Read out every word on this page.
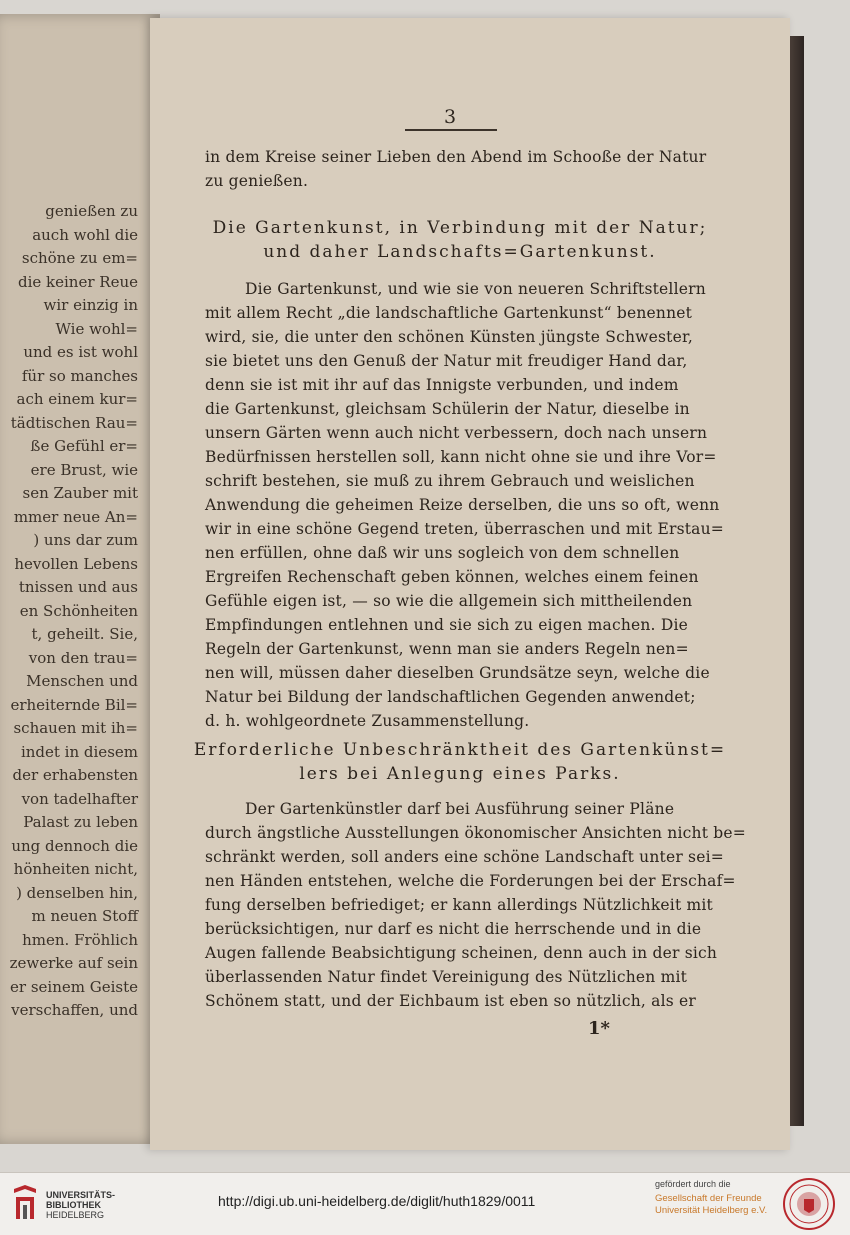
genießen zu
auch wohl die
schöne zu em=
die keiner Reue
wir einzig in
Wie wohl=
und es ist wohl
für so manches
ach einem kur=
tädtischen Rau=
ße Gefühl er=
ere Brust, wie
sen Zauber mit
mmer neue An=
) uns dar zum
hevollen Lebens
tnissen und aus
en Schönheiten
t, geheilt. Sie,
von den trau=
Menschen und
erheiternde Bil=
schauen mit ih=
indet in diesem
der erhabensten
von tadelhafter
Palast zu leben
ung dennoch die
hönheiten nicht,
) denselben hin,
m neuen Stoff
hmen. Fröhlich
zewerke auf sein
er seinem Geiste
verschaffen, und
3
in dem Kreise seiner Lieben den Abend im Schooße der Natur
zu genießen.
Die Gartenkunst, in Verbindung mit der Natur;
und daher Landschafts=Gartenkunst.
Die Gartenkunst, und wie sie von neueren Schriftstellern
mit allem Recht „die landschaftliche Gartenkunst“ benennet
wird, sie, die unter den schönen Künsten jüngste Schwester,
sie bietet uns den Genuß der Natur mit freudiger Hand dar,
denn sie ist mit ihr auf das Innigste verbunden, und indem
die Gartenkunst, gleichsam Schülerin der Natur, dieselbe in
unsern Gärten wenn auch nicht verbessern, doch nach unsern
Bedürfnissen herstellen soll, kann nicht ohne sie und ihre Vor=
schrift bestehen, sie muß zu ihrem Gebrauch und weislichen
Anwendung die geheimen Reize derselben, die uns so oft, wenn
wir in eine schöne Gegend treten, überraschen und mit Erstau=
nen erfüllen, ohne daß wir uns sogleich von dem schnellen
Ergreifen Rechenschaft geben können, welches einem feinen
Gefühle eigen ist, — so wie die allgemein sich mittheilenden
Empfindungen entlehnen und sie sich zu eigen machen. Die
Regeln der Gartenkunst, wenn man sie anders Regeln nen=
nen will, müssen daher dieselben Grundsätze seyn, welche die
Natur bei Bildung der landschaftlichen Gegenden anwendet;
d. h. wohlgeordnete Zusammenstellung.
Erforderliche Unbeschränktheit des Gartenkünst=
lers bei Anlegung eines Parks.
Der Gartenkünstler darf bei Ausführung seiner Pläne
durch ängstliche Ausstellungen ökonomischer Ansichten nicht be=
schränkt werden, soll anders eine schöne Landschaft unter sei=
nen Händen entstehen, welche die Forderungen bei der Erschaf=
fung derselben befriediget; er kann allerdings Nützlichkeit mit
berücksichtigen, nur darf es nicht die herrschende und in die
Augen fallende Beabsichtigung scheinen, denn auch in der sich
überlassenden Natur findet Vereinigung des Nützlichen mit
Schönem statt, und der Eichbaum ist eben so nützlich, als er
1*
UNIVERSITÄTS-
BIBLIOTHEK
HEIDELBERG
http://digi.ub.uni-heidelberg.de/diglit/huth1829/0011
gefördert durch die
Gesellschaft der Freunde
Universität Heidelberg e.V.
